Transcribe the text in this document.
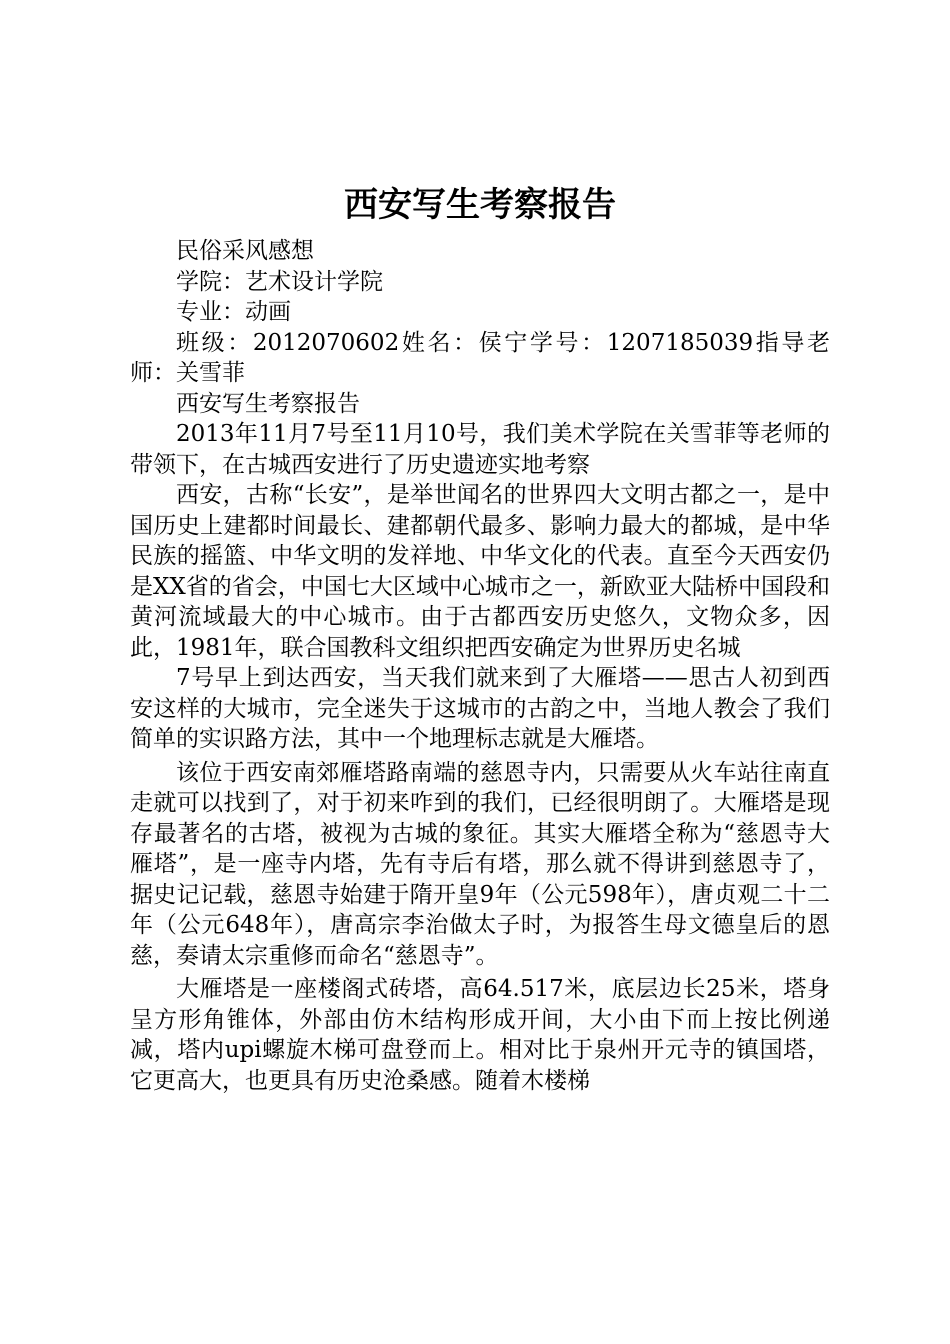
西安写生考察报告

民俗采风感想

学院：艺术设计学院

专业：动画

班级：2012070602姓名：侯宁学号：1207185039指导老师：关雪菲

西安写生考察报告

2013年11月7号至11月10号，我们美术学院在关雪菲等老师的带领下，在古城西安进行了历史遗迹实地考察

西安，古称“长安”，是举世闻名的世界四大文明古都之一，是中国历史上建都时间最长、建都朝代最多、影响力最大的都城，是中华民族的摇篮、中华文明的发祥地、中华文化的代表。直至今天西安仍是XX省的省会，中国七大区域中心城市之一，新欧亚大陆桥中国段和黄河流域最大的中心城市。由于古都西安历史悠久，文物众多，因此，1981年，联合国教科文组织把西安确定为世界历史名城

7号早上到达西安，当天我们就来到了大雁塔——思古人初到西安这样的大城市，完全迷失于这城市的古韵之中，当地人教会了我们简单的实识路方法，其中一个地理标志就是大雁塔。

该位于西安南郊雁塔路南端的慈恩寺内，只需要从火车站往南直走就可以找到了，对于初来咋到的我们，已经很明朗了。大雁塔是现存最著名的古塔，被视为古城的象征。其实大雁塔全称为“慈恩寺大雁塔”，是一座寺内塔，先有寺后有塔，那么就不得讲到慈恩寺了，据史记记载，慈恩寺始建于隋开皇9年（公元598年），唐贞观二十二年（公元648年），唐高宗李治做太子时，为报答生母文德皇后的恩慈，奏请太宗重修而命名“慈恩寺”。

大雁塔是一座楼阁式砖塔，高64.517米，底层边长25米，塔身呈方形角锥体，外部由仿木结构形成开间，大小由下而上按比例递减，塔内upi螺旋木梯可盘登而上。相对比于泉州开元寺的镇国塔，它更高大，也更具有历史沧桑感。随着木楼梯
